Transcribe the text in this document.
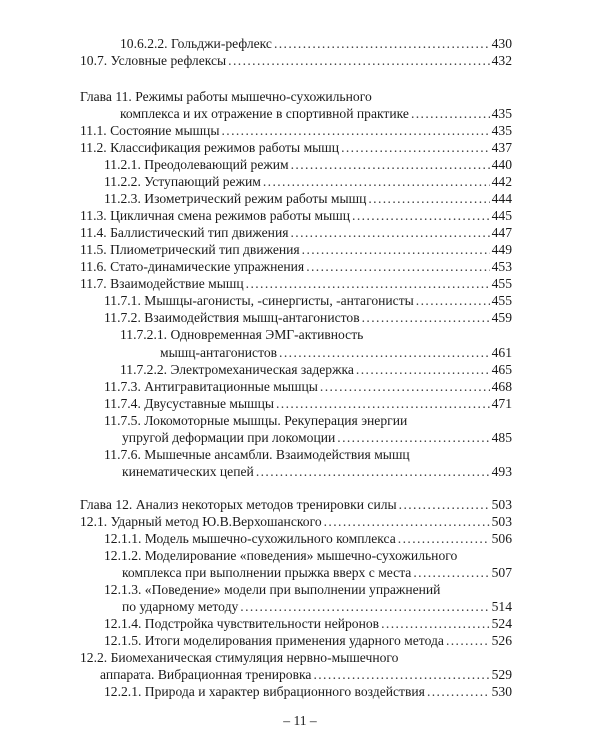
10.6.2.2. Гольджи-рефлекс .....	430
10.7. Условные рефлексы .....	432
Глава 11. Режимы работы мышечно-сухожильного
комплекса и их отражение в спортивной практике .....	435
11.1. Состояние мышцы .....	435
11.2. Классификация режимов работы мышц .....	437
11.2.1. Преодолевающий режим .....	440
11.2.2. Уступающий режим .....	442
11.2.3. Изометрический режим работы мышц .....	444
11.3. Цикличная смена режимов работы мышц .....	445
11.4. Баллистический тип движения .....	447
11.5. Плиометрический тип движения .....	449
11.6. Стато-динамические упражнения .....	453
11.7. Взаимодействие мышц .....	455
11.7.1. Мышцы-агонисты, -синергисты, -антагонисты .....	455
11.7.2. Взаимодействия мышц-антагонистов .....	459
11.7.2.1. Одновременная ЭМГ-активность
мышц-антагонистов .....	461
11.7.2.2. Электромеханическая задержка .....	465
11.7.3. Антигравитационные мышцы .....	468
11.7.4. Двусуставные мышцы .....	471
11.7.5. Локомоторные мышцы. Рекуперация энергии
упругой деформации при локомоции .....	485
11.7.6. Мышечные ансамбли. Взаимодействия мышц
кинематических цепей .....	493
Глава 12. Анализ некоторых методов тренировки силы .....	503
12.1. Ударный метод Ю.В.Верхошанского .....	503
12.1.1. Модель мышечно-сухожильного комплекса .....	506
12.1.2. Моделирование «поведения» мышечно-сухожильного
комплекса при выполнении прыжка вверх с места .....	507
12.1.3. «Поведение» модели при выполнении упражнений
по ударному методу .....	514
12.1.4. Подстройка чувствительности нейронов .....	524
12.1.5. Итоги моделирования применения ударного метода .....	526
12.2. Биомеханическая стимуляция нервно-мышечного
аппарата. Вибрационная тренировка .....	529
12.2.1. Природа и характер вибрационного воздействия .....	530
– 11 –
